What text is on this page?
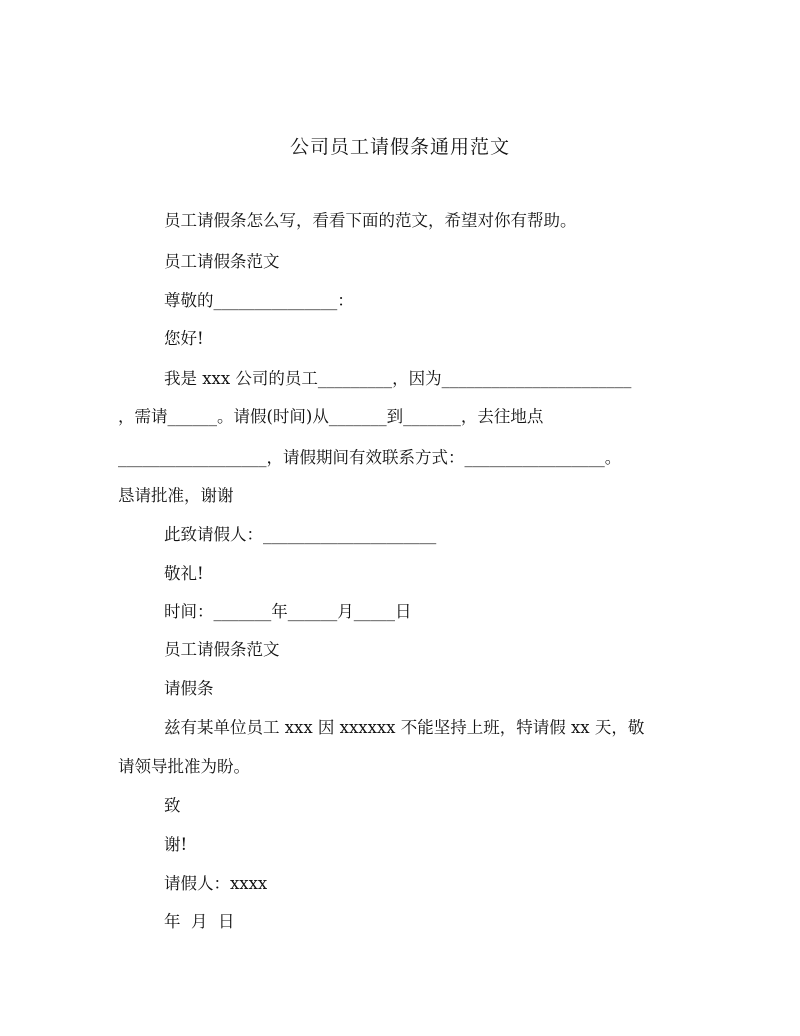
公司员工请假条通用范文
员工请假条怎么写，看看下面的范文，希望对你有帮助。
员工请假条范文
尊敬的_______________：
您好!
我是 xxx 公司的员工_________，因为_______________________
，需请______。请假(时间)从_______到_______，去往地点
__________________，请假期间有效联系方式：_________________。
恳请批准，谢谢
此致请假人：_____________________
敬礼!
时间：_______年______月_____日
员工请假条范文
请假条
兹有某单位员工 xxx 因 xxxxxx 不能坚持上班，特请假 xx 天，敬
请领导批准为盼。
致
谢!
请假人：xxxx
年  月  日
